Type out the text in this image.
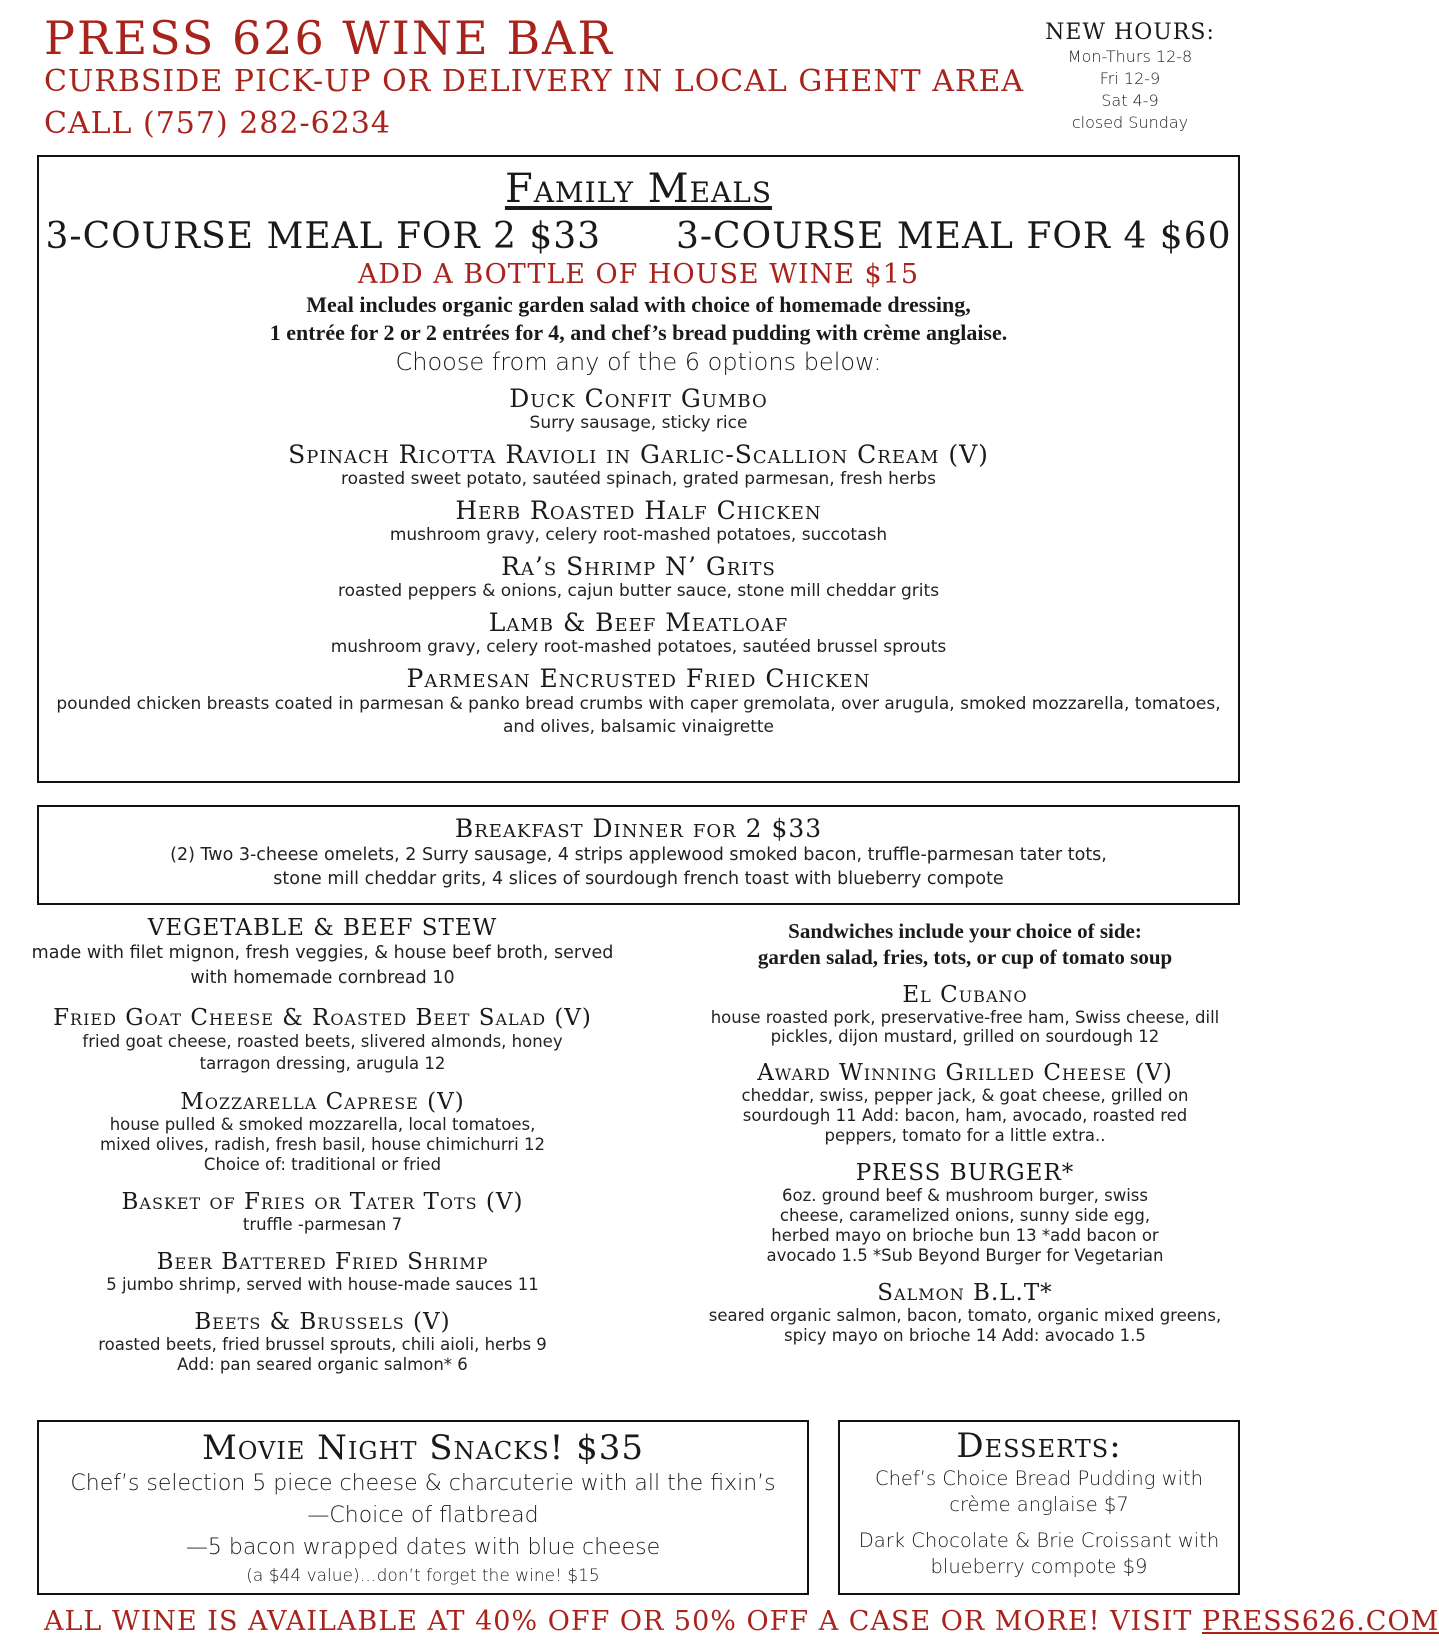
PRESS 626 WINE BAR
CURBSIDE PICK-UP OR DELIVERY IN LOCAL GHENT AREA
CALL (757) 282-6234
NEW HOURS:
Mon-Thurs 12-8
Fri 12-9
Sat 4-9
closed Sunday
Family Meals
3-COURSE MEAL FOR 2 $33 3-COURSE MEAL FOR 4 $60
ADD A BOTTLE OF HOUSE WINE $15
Meal includes organic garden salad with choice of homemade dressing,
1 entrée for 2 or 2 entrées for 4, and chef’s bread pudding with crème anglaise.
Choose from any of the 6 options below:
Duck Confit Gumbo
Surry sausage, sticky rice
Spinach Ricotta Ravioli in Garlic-Scallion Cream (V)
roasted sweet potato, sautéed spinach, grated parmesan, fresh herbs
Herb Roasted Half Chicken
mushroom gravy, celery root-mashed potatoes, succotash
Ra’s Shrimp N’ Grits
roasted peppers & onions, cajun butter sauce, stone mill cheddar grits
Lamb & Beef Meatloaf
mushroom gravy, celery root-mashed potatoes, sautéed brussel sprouts
Parmesan Encrusted Fried Chicken
pounded chicken breasts coated in parmesan & panko bread crumbs with caper gremolata, over arugula, smoked mozzarella, tomatoes, and olives, balsamic vinaigrette
Breakfast Dinner for 2 $33
(2) Two 3-cheese omelets, 2 Surry sausage, 4 strips applewood smoked bacon, truffle-parmesan tater tots,
stone mill cheddar grits, 4 slices of sourdough french toast with blueberry compote
VEGETABLE & BEEF STEW
made with filet mignon, fresh veggies, & house beef broth, served with homemade cornbread 10
Fried Goat Cheese & Roasted Beet Salad (V)
fried goat cheese, roasted beets, slivered almonds, honey tarragon dressing, arugula 12
Mozzarella Caprese (V)
house pulled & smoked mozzarella, local tomatoes, mixed olives, radish, fresh basil, house chimichurri 12 Choice of: traditional or fried
Basket of Fries or Tater Tots (V)
truffle -parmesan 7
Beer Battered Fried Shrimp
5 jumbo shrimp, served with house-made sauces 11
Beets & Brussels (V)
roasted beets, fried brussel sprouts, chili aioli, herbs 9 Add: pan seared organic salmon* 6
Sandwiches include your choice of side:
garden salad, fries, tots, or cup of tomato soup
El Cubano
house roasted pork, preservative-free ham, Swiss cheese, dill pickles, dijon mustard, grilled on sourdough 12
Award Winning Grilled Cheese (V)
cheddar, swiss, pepper jack, & goat cheese, grilled on sourdough 11 Add: bacon, ham, avocado, roasted red peppers, tomato for a little extra..
PRESS BURGER*
6oz. ground beef & mushroom burger, swiss cheese, caramelized onions, sunny side egg, herbed mayo on brioche bun 13 *add bacon or avocado 1.5 *Sub Beyond Burger for Vegetarian
Salmon B.L.T*
seared organic salmon, bacon, tomato, organic mixed greens, spicy mayo on brioche 14 Add: avocado 1.5
Movie Night Snacks! $35
Chef’s selection 5 piece cheese & charcuterie with all the fixin’s
—Choice of flatbread
—5 bacon wrapped dates with blue cheese
(a $44 value)…don’t forget the wine! $15
Desserts:
Chef’s Choice Bread Pudding with crème anglaise $7
Dark Chocolate & Brie Croissant with blueberry compote $9
ALL WINE IS AVAILABLE AT 40% OFF OR 50% OFF A CASE OR MORE! VISIT PRESS626.COM
